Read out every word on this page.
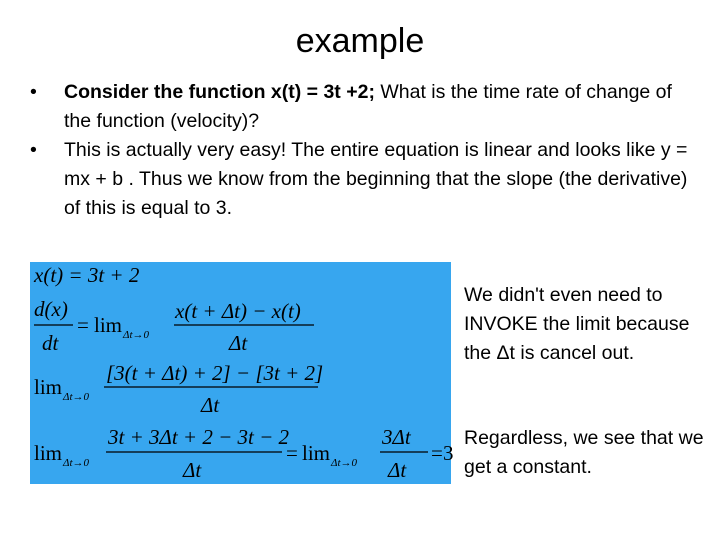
example
• Consider the function x(t) = 3t +2; What is the time rate of change of the function (velocity)?
• This is actually very easy! The entire equation is linear and looks like y = mx + b . Thus we know from the beginning that the slope (the derivative) of this is equal to 3.
x(t) = 3t + 2
d(x)
dt
= lim Δt→0
x(t + Δt) − x(t)
Δt
lim Δt→0
[3(t + Δt) + 2] − [3t + 2]
Δt
lim Δt→0
3t + 3Δt + 2 − 3t − 2
Δt
= lim Δt→0
3Δt
Δt
= 3

We didn't even need to INVOKE the limit because the Δt is cancel out.

Regardless, we see that we get a constant.
